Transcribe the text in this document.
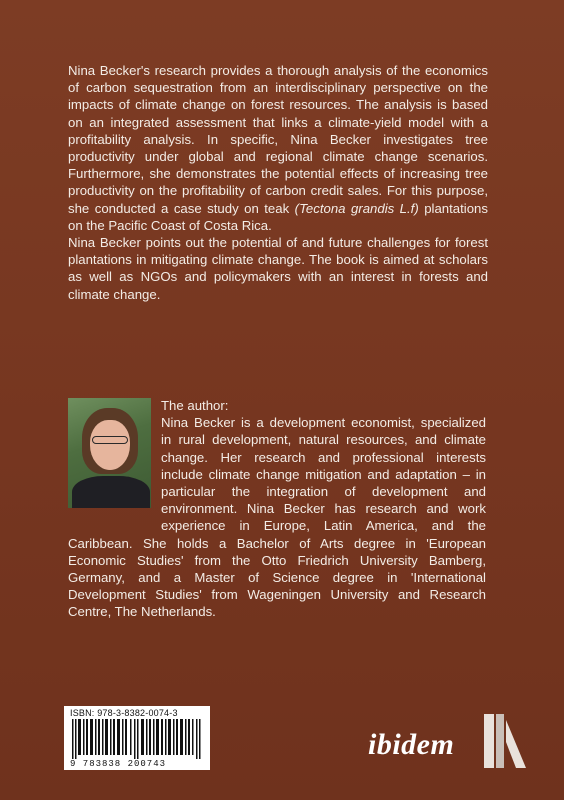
Nina Becker's research provides a thorough analysis of the economics of carbon sequestration from an interdisciplinary perspective on the impacts of climate change on forest resources. The analysis is based on an integrated assessment that links a climate-yield model with a profitability analysis. In specific, Nina Becker investigates tree productivity under global and regional climate change scenarios. Furthermore, she demonstrates the potential effects of increasing tree productivity on the profitability of carbon credit sales. For this purpose, she conducted a case study on teak (Tectona grandis L.f) plantations on the Pacific Coast of Costa Rica.

Nina Becker points out the potential of and future challenges for forest plantations in mitigating climate change. The book is aimed at scholars as well as NGOs and policymakers with an interest in forests and climate change.

The author:

Nina Becker is a development economist, specialized in rural development, natural resources, and climate change. Her research and professional interests include climate change mitigation and adaptation – in particular the integration of development and environment. Nina Becker has research and work experience in Europe, Latin America, and the Caribbean. She holds a Bachelor of Arts degree in 'European Economic Studies' from the Otto Friedrich University Bamberg, Germany, and a Master of Science degree in 'International Development Studies' from Wageningen University and Research Centre, The Netherlands.

ISBN: 978-3-8382-0074-3
9 783838 200743
ibidem
